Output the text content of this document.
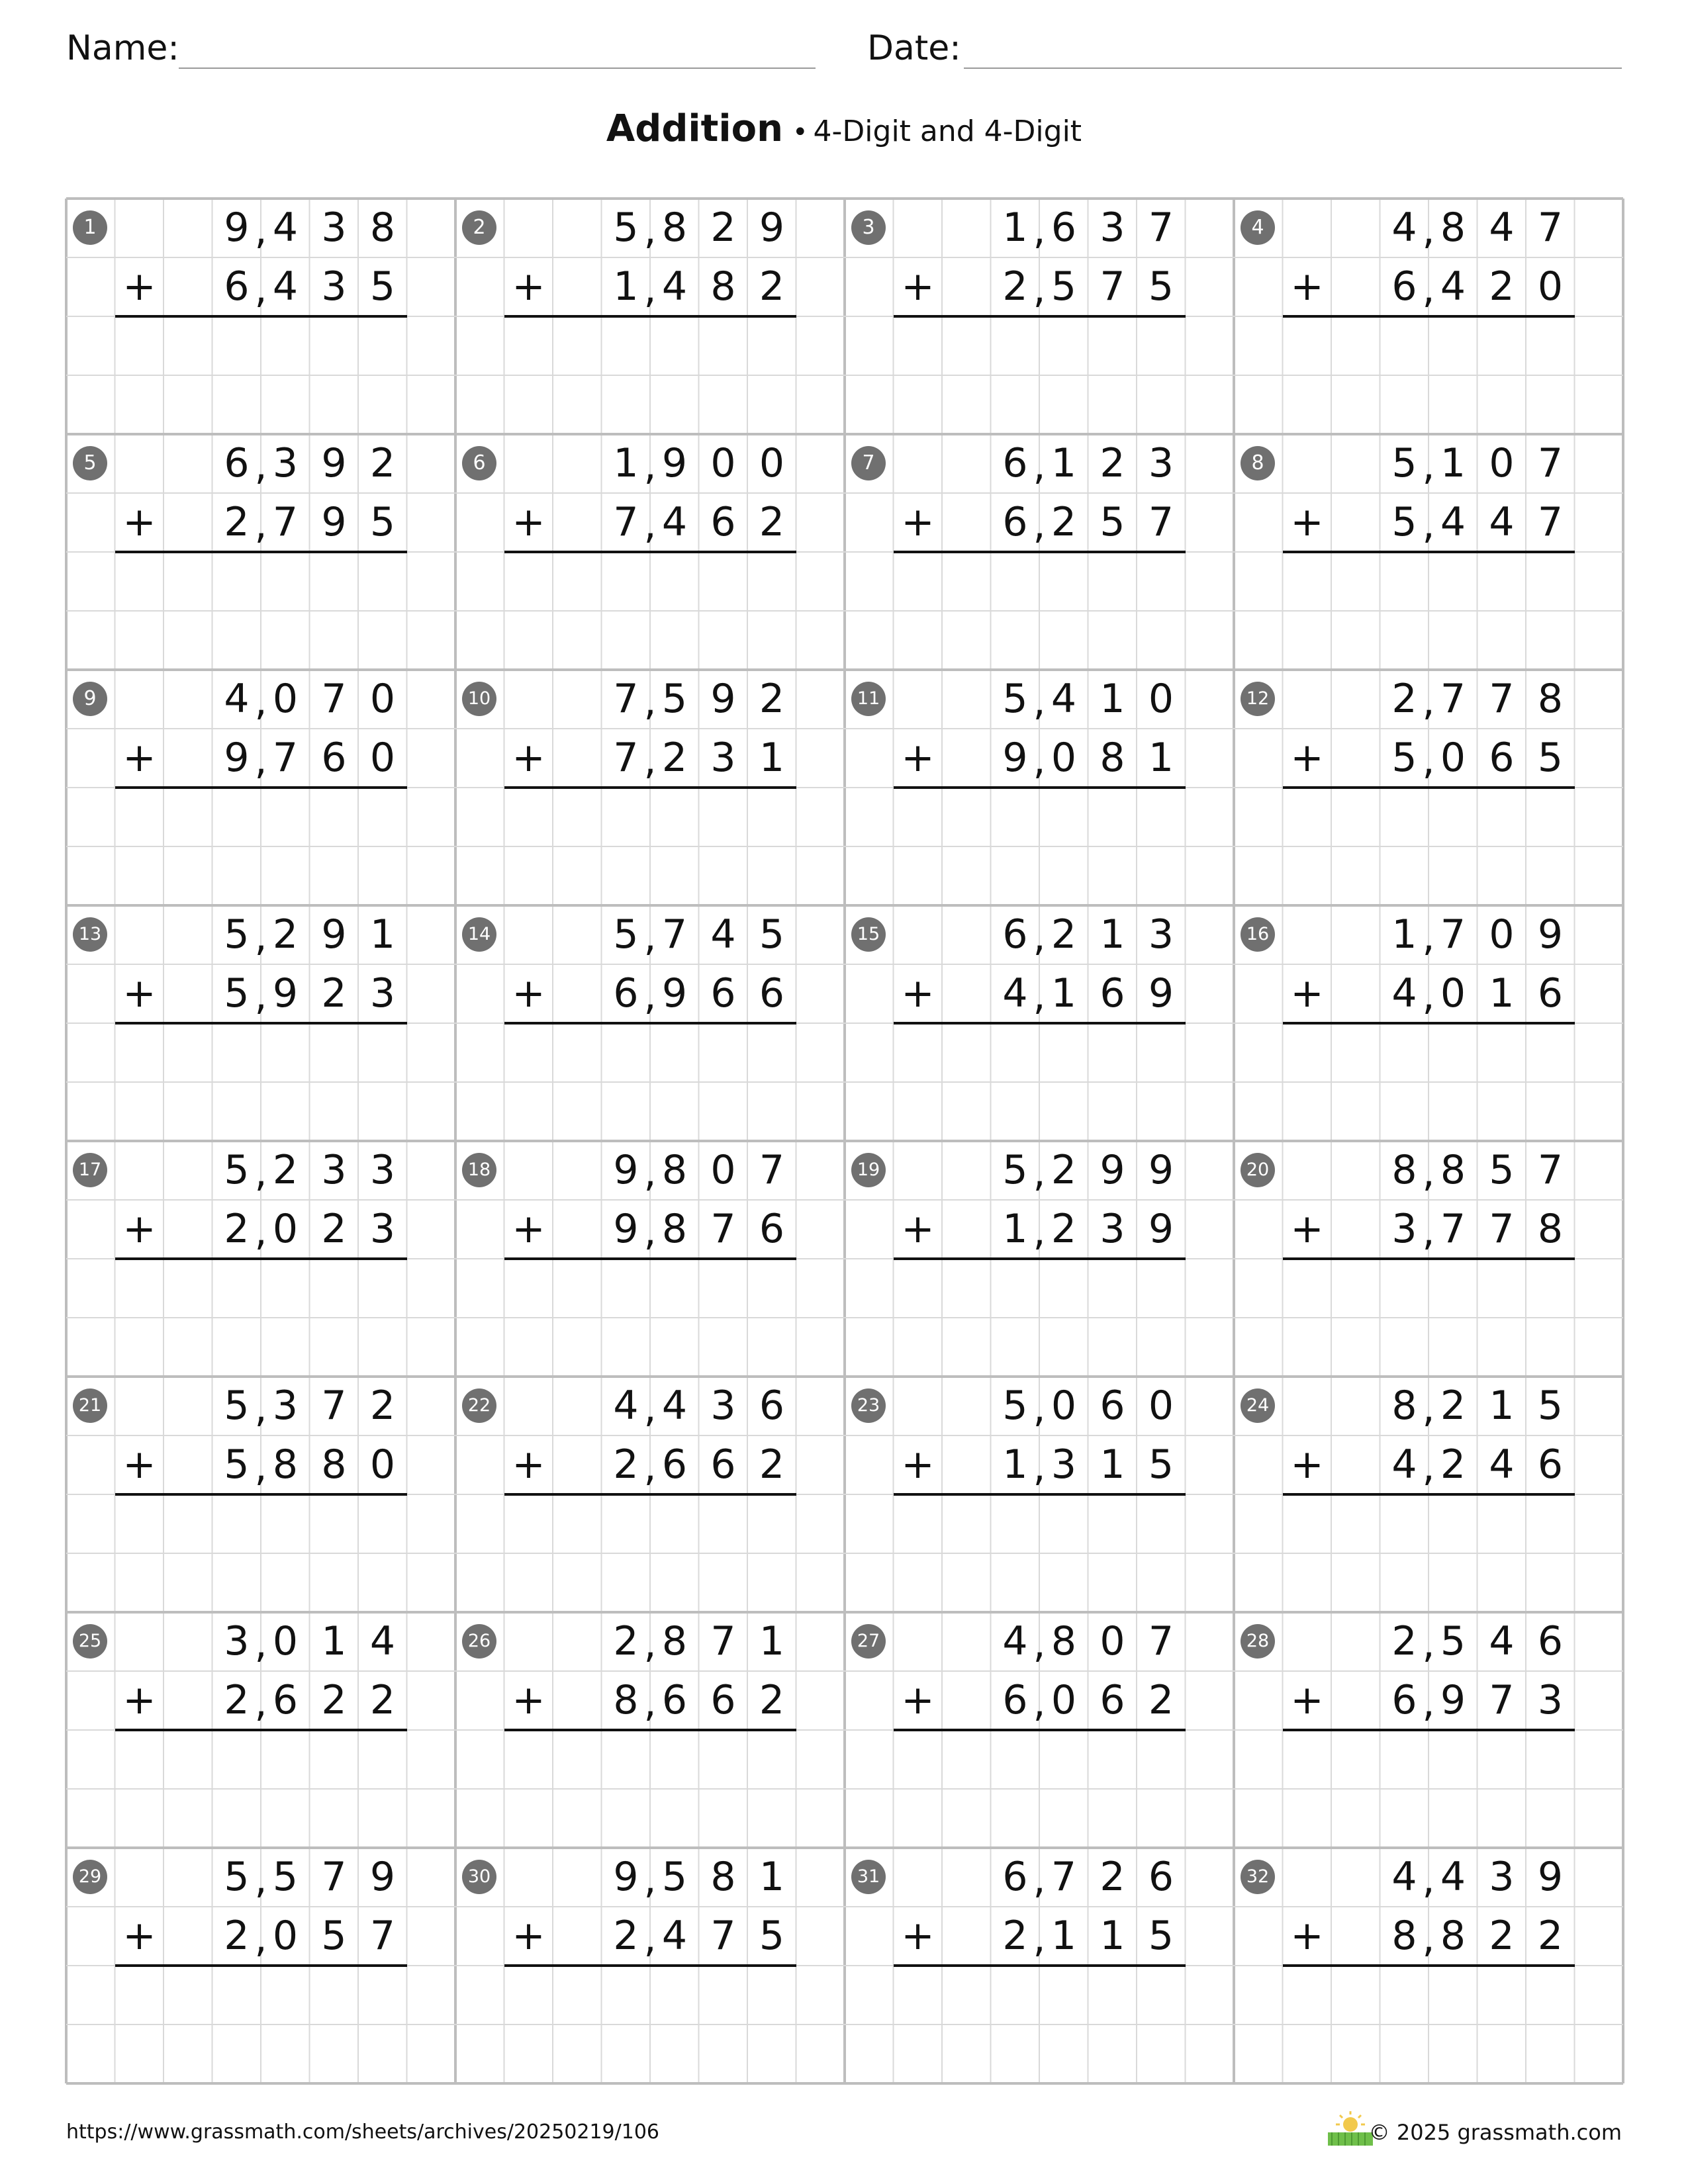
Name:	Date:
Addition • 4-Digit and 4-Digit
1	9 , 4 3 8
+ 6 , 4 3 5
2	5 , 8 2 9
+ 1 , 4 8 2
3	1 , 6 3 7
+ 2 , 5 7 5
4	4 , 8 4 7
+ 6 , 4 2 0
5	6 , 3 9 2
+ 2 , 7 9 5
6	1 , 9 0 0
+ 7 , 4 6 2
7	6 , 1 2 3
+ 6 , 2 5 7
8	5 , 1 0 7
+ 5 , 4 4 7
9	4 , 0 7 0
+ 9 , 7 6 0
10	7 , 5 9 2
+ 7 , 2 3 1
11	5 , 4 1 0
+ 9 , 0 8 1
12	2 , 7 7 8
+ 5 , 0 6 5
13	5 , 2 9 1
+ 5 , 9 2 3
14	5 , 7 4 5
+ 6 , 9 6 6
15	6 , 2 1 3
+ 4 , 1 6 9
16	1 , 7 0 9
+ 4 , 0 1 6
17	5 , 2 3 3
+ 2 , 0 2 3
18	9 , 8 0 7
+ 9 , 8 7 6
19	5 , 2 9 9
+ 1 , 2 3 9
20	8 , 8 5 7
+ 3 , 7 7 8
21	5 , 3 7 2
+ 5 , 8 8 0
22	4 , 4 3 6
+ 2 , 6 6 2
23	5 , 0 6 0
+ 1 , 3 1 5
24	8 , 2 1 5
+ 4 , 2 4 6
25	3 , 0 1 4
+ 2 , 6 2 2
26	2 , 8 7 1
+ 8 , 6 6 2
27	4 , 8 0 7
+ 6 , 0 6 2
28	2 , 5 4 6
+ 6 , 9 7 3
29	5 , 5 7 9
+ 2 , 0 5 7
30	9 , 5 8 1
+ 2 , 4 7 5
31	6 , 7 2 6
+ 2 , 1 1 5
32	4 , 4 3 9
+ 8 , 8 2 2
https://www.grassmath.com/sheets/archives/20250219/106	© 2025 grassmath.com
